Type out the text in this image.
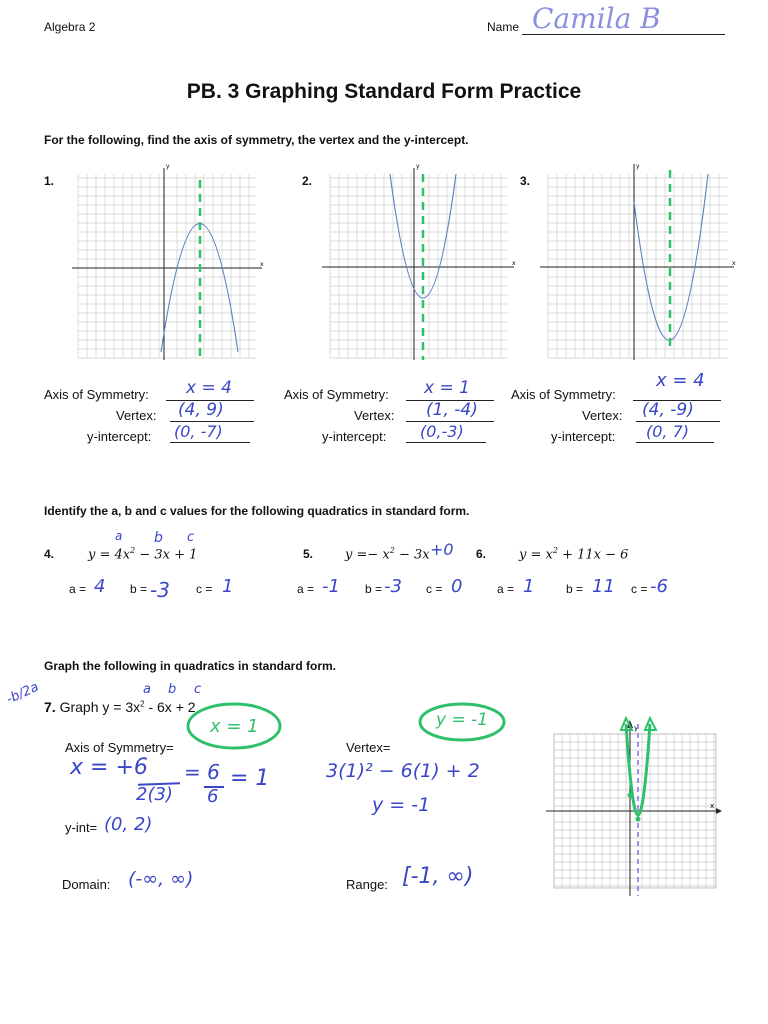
Algebra 2	Name Camila B
PB. 3 Graphing Standard Form Practice
For the following, find the axis of symmetry, the vertex and the y-intercept.
1.	2.	3.
x
y
x
y
x
y
Axis of Symmetry: x = 4
Vertex: (4, 9)
y-intercept: (0, -7)
Axis of Symmetry: x = 1
Vertex: (1, -4)
y-intercept: (0,-3)
Axis of Symmetry:
x = 4
Vertex: (4, -9)
y-intercept: (0, 7)
Identify the a, b and c values for the following quadratics in standard form.
4.	$y = 4x^2 - 3x + 1$
a b c
a = 4 b = -3 c = 1
5. $y =- x^2 - 3x +0$
a = -1 b = -3 c = 0
6.	$y = x^2 + 11x - 6$
a = 1	b = 11 c = -6
Graph the following in quadratics in standard form.
-b/2a	a b c
7. Graph $y = 3x^2 - 6x + 2$
x = 1
Axis of Symmetry=
x = +6
2(3)
= 6
6
= 1
y = -1
Vertex=
3(1)² − 6(1) + 2
y = -1
y-int= (0, 2)
Domain: (-∞, ∞)	Range: [-1, ∞)
x
y
